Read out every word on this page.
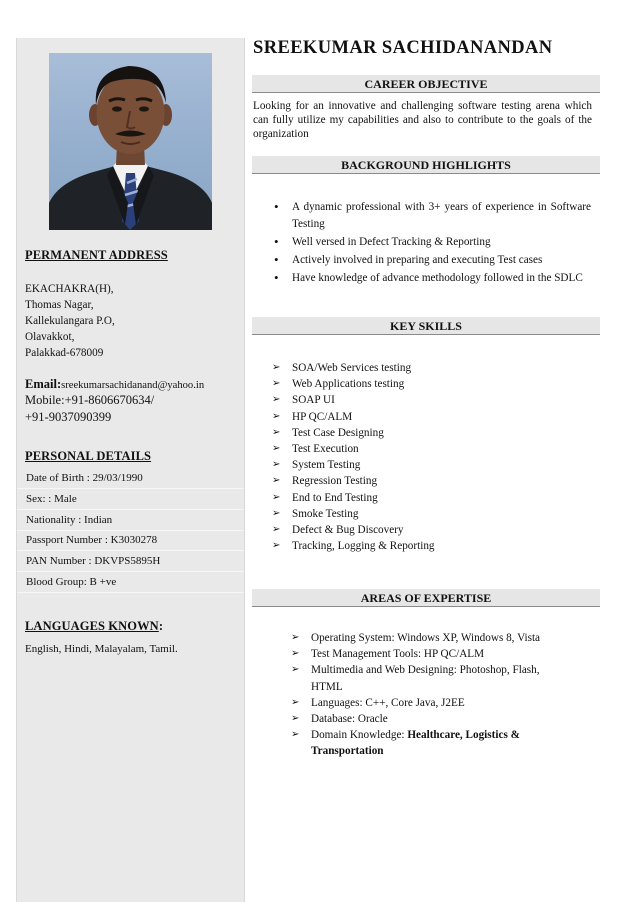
PERMANENT ADDRESS
EKACHAKRA(H),
Thomas Nagar,
Kallekulangara P.O,
Olavakkot,
Palakkad-678009
Email:sreekumarsachidanand@yahoo.in
Mobile:+91-8606670634/
+91-9037090399
PERSONAL DETAILS
Date of Birth : 29/03/1990
Sex: : Male
Nationality : Indian
Passport Number : K3030278
PAN Number : DKVPS5895H
Blood Group: B +ve
LANGUAGES KNOWN:
English, Hindi, Malayalam, Tamil.
SREEKUMAR SACHIDANANDAN
CAREER OBJECTIVE
Looking for an innovative and challenging software testing arena which can fully utilize my capabilities and also to contribute to the goals of the organization
BACKGROUND HIGHLIGHTS
• A dynamic professional with 3+ years of experience in Software Testing
• Well versed in Defect Tracking & Reporting
• Actively involved in preparing and executing Test cases
• Have knowledge of advance methodology followed in the SDLC
KEY SKILLS
➢ SOA/Web Services testing
➢ Web Applications testing
➢ SOAP UI
➢ HP QC/ALM
➢ Test Case Designing
➢ Test Execution
➢ System Testing
➢ Regression Testing
➢ End to End Testing
➢ Smoke Testing
➢ Defect & Bug Discovery
➢ Tracking, Logging & Reporting
AREAS OF EXPERTISE
➢ Operating System: Windows XP, Windows 8, Vista
➢ Test Management Tools: HP QC/ALM
➢ Multimedia and Web Designing: Photoshop, Flash, HTML
➢ Languages: C++, Core Java, J2EE
➢ Database: Oracle
➢ Domain Knowledge: Healthcare, Logistics & Transportation
